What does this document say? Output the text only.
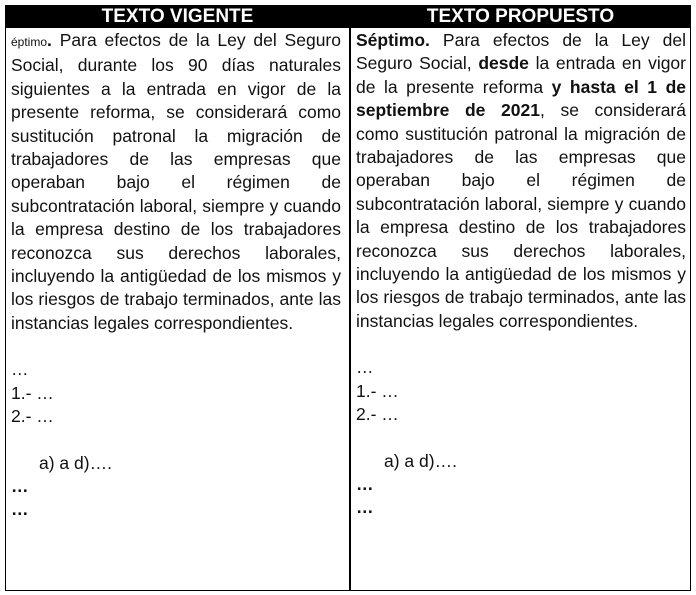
TEXTO VIGENTE	TEXTO PROPUESTO

éptimo. Para efectos de la Ley del Seguro Social, durante los 90 días naturales siguientes a la entrada en vigor de la presente reforma, se considerará como sustitución patronal la migración de trabajadores de las empresas que operaban bajo el régimen de subcontratación laboral, siempre y cuando la empresa destino de los trabajadores reconozca sus derechos laborales, incluyendo la antigüedad de los mismos y los riesgos de trabajo terminados, ante las instancias legales correspondientes.

…

1.- …

2.- …

a) a d)….

…

…

Séptimo. Para efectos de la Ley del Seguro Social, desde la entrada en vigor de la presente reforma y hasta el 1 de septiembre de 2021, se considerará como sustitución patronal la migración de trabajadores de las empresas que operaban bajo el régimen de subcontratación laboral, siempre y cuando la empresa destino de los trabajadores reconozca sus derechos laborales, incluyendo la antigüedad de los mismos y los riesgos de trabajo terminados, ante las instancias legales correspondientes.

…

1.- …

2.- …

a) a d)….

…

…
